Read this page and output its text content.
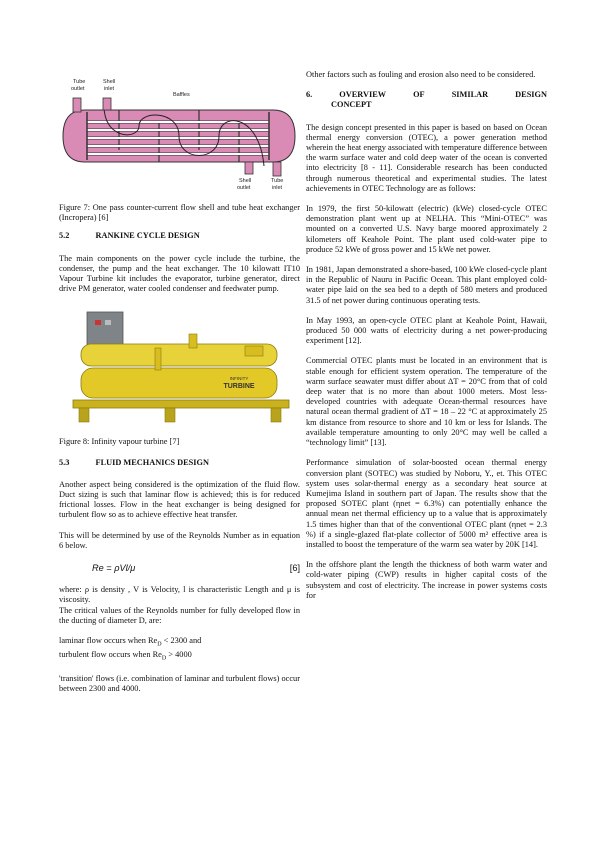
Tube outlet Shell inlet Baffles Shell outlet Tube inlet

Figure 7: One pass counter-current flow shell and tube heat exchanger (Incropera) [6]

5.2	RANKINE CYCLE DESIGN

The main components on the power cycle include the turbine, the condenser, the pump and the heat exchanger. The 10 kilowatt IT10 Vapour Turbine kit includes the evaporator, turbine generator, direct drive PM generator, water cooled condenser and feedwater pump.

INFINITY
TURBINE

Figure 8: Infinity vapour turbine [7]

5.3	FLUID MECHANICS DESIGN

Another aspect being considered is the optimization of the fluid flow. Duct sizing is such that laminar flow is achieved; this is for reduced frictional losses. Flow in the heat exchanger is being designed for turbulent flow so as to achieve effective heat transfer.

This will be determined by use of the Reynolds Number as in equation 6 below.

Re = ρVl/μ	[6]

where: ρ is density , V is Velocity, l is characteristic Length and μ is viscosity.

The critical values of the Reynolds number for fully developed flow in the ducting of diameter D, are:

laminar flow occurs when $Re_D < 2300$ and

turbulent flow occurs when $Re_D > 4000$

'transition' flows (i.e. combination of laminar and turbulent flows) occur between 2300 and 4000.

Other factors such as fouling and erosion also need to be considered.

6.	OVERVIEW	OF	SIMILAR	DESIGN
CONCEPT

The design concept presented in this paper is based on based on Ocean thermal energy conversion (OTEC), a power generation method wherein the heat energy associated with temperature difference between the warm surface water and cold deep water of the ocean is converted into electricity [8 - 11]. Considerable research has been conducted through numerous theoretical and experimental studies. The latest achievements in OTEC Technology are as follows:

In 1979, the first 50-kilowatt (electric) (kWe) closed-cycle OTEC demonstration plant went up at NELHA. This “Mini-OTEC” was mounted on a converted U.S. Navy barge moored approximately 2 kilometers off Keahole Point. The plant used cold-water pipe to produce 52 kWe of gross power and 15 kWe net power.

In 1981, Japan demonstrated a shore-based, 100 kWe closed-cycle plant in the Republic of Nauru in Pacific Ocean. This plant employed cold-water pipe laid on the sea bed to a depth of 580 meters and produced 31.5 of net power during continuous operating tests.

In May 1993, an open-cycle OTEC plant at Keahole Point, Hawaii, produced 50 000 watts of electricity during a net power-producing experiment [12].

Commercial OTEC plants must be located in an environment that is stable enough for efficient system operation. The temperature of the warm surface seawater must differ about ΔT = 20°C from that of cold deep water that is no more than about 1000 meters. Most less-developed countries with adequate Ocean-thermal resources have natural ocean thermal gradient of ΔT = 18 – 22 °C at approximately 25 km distance from resource to shore and 10 km or less for Islands. The available temperature amounting to only 20°C may well be called a “technology limit” [13].

Performance simulation of solar-boosted ocean thermal energy conversion plant (SOTEC) was studied by Noboru, Y., et. This OTEC system uses solar-thermal energy as a secondary heat source at Kumejima Island in southern part of Japan. The results show that the proposed SOTEC plant (ηnet = 6.3%) can potentially enhance the annual mean net thermal efficiency up to a value that is approximately 1.5 times higher than that of the conventional OTEC plant (ηnet = 2.3 %) if a single-glazed flat-plate collector of 5000 m² effective area is installed to boost the temperature of the warm sea water by 20K [14].

In the offshore plant the length the thickness of both warm water and cold-water piping (CWP) results in higher capital costs of the subsystem and cost of electricity. The increase in power systems costs for
